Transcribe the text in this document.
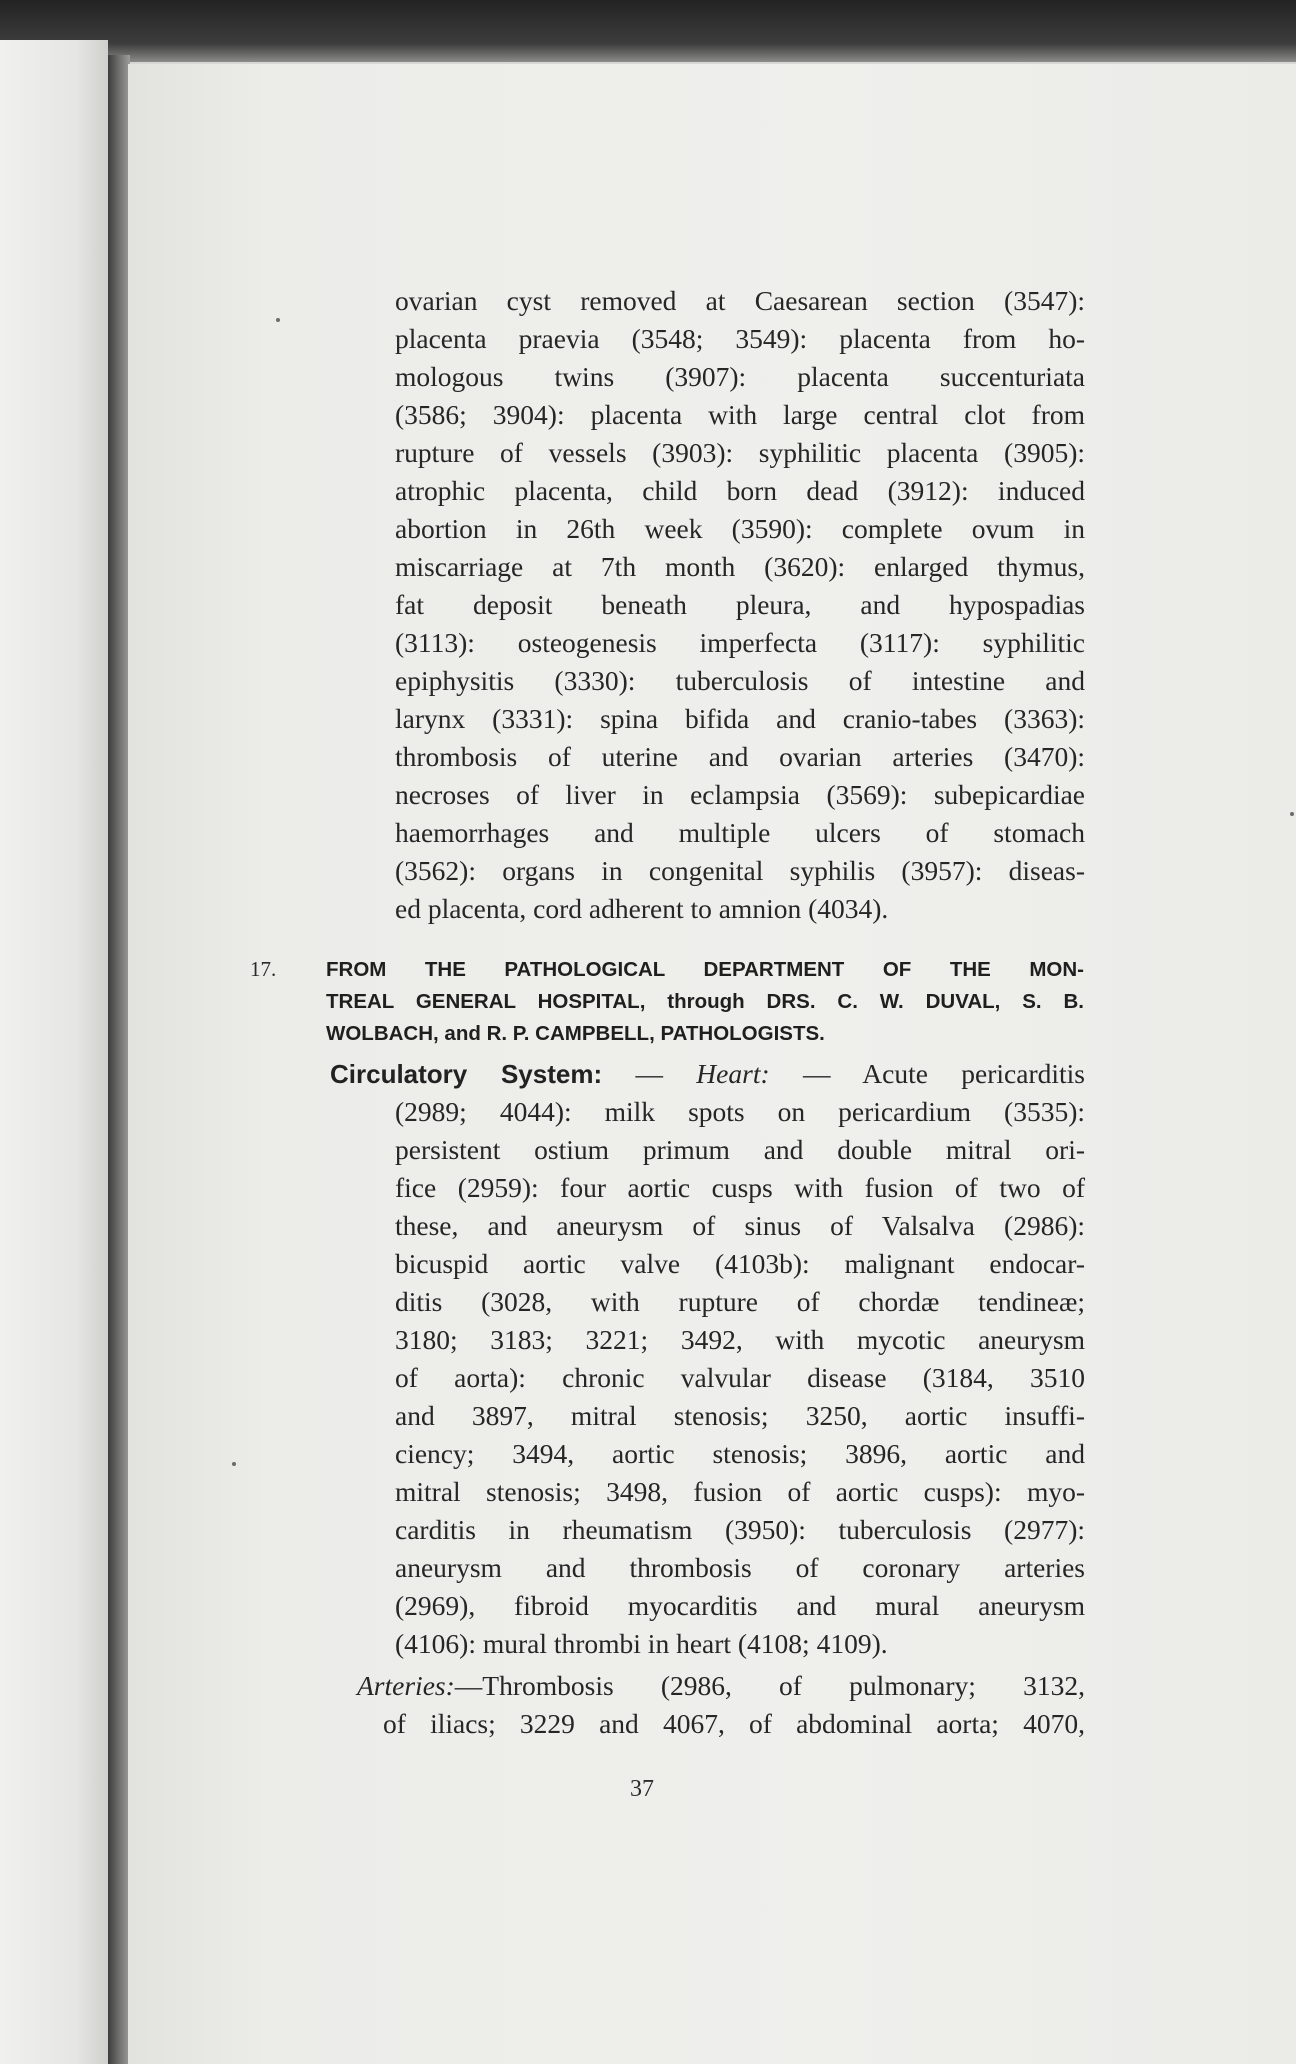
ovarian cyst removed at Caesarean section (3547):
placenta praevia (3548; 3549): placenta from ho-
mologous twins (3907): placenta succenturiata
(3586; 3904): placenta with large central clot from
rupture of vessels (3903): syphilitic placenta (3905):
atrophic placenta, child born dead (3912): induced
abortion in 26th week (3590): complete ovum in
miscarriage at 7th month (3620): enlarged thymus,
fat deposit beneath pleura, and hypospadias
(3113): osteogenesis imperfecta (3117): syphilitic
epiphysitis (3330): tuberculosis of intestine and
larynx (3331): spina bifida and cranio-tabes (3363):
thrombosis of uterine and ovarian arteries (3470):
necroses of liver in eclampsia (3569): subepicardiae
haemorrhages and multiple ulcers of stomach
(3562): organs in congenital syphilis (3957): diseas-
ed placenta, cord adherent to amnion (4034).
17. FROM THE PATHOLOGICAL DEPARTMENT OF THE MON-
TREAL GENERAL HOSPITAL, through DRS. C. W. DUVAL, S. B.
WOLBACH, and R. P. CAMPBELL, PATHOLOGISTS.
Circulatory System: — Heart: — Acute pericarditis
(2989; 4044): milk spots on pericardium (3535):
persistent ostium primum and double mitral ori-
fice (2959): four aortic cusps with fusion of two of
these, and aneurysm of sinus of Valsalva (2986):
bicuspid aortic valve (4103b): malignant endocar-
ditis (3028, with rupture of chordæ tendineæ;
3180; 3183; 3221; 3492, with mycotic aneurysm
of aorta): chronic valvular disease (3184, 3510
and 3897, mitral stenosis; 3250, aortic insuffi-
ciency; 3494, aortic stenosis; 3896, aortic and
mitral stenosis; 3498, fusion of aortic cusps): myo-
carditis in rheumatism (3950): tuberculosis (2977):
aneurysm and thrombosis of coronary arteries
(2969), fibroid myocarditis and mural aneurysm
(4106): mural thrombi in heart (4108; 4109).
Arteries:—Thrombosis (2986, of pulmonary; 3132,
of iliacs; 3229 and 4067, of abdominal aorta; 4070,
37
